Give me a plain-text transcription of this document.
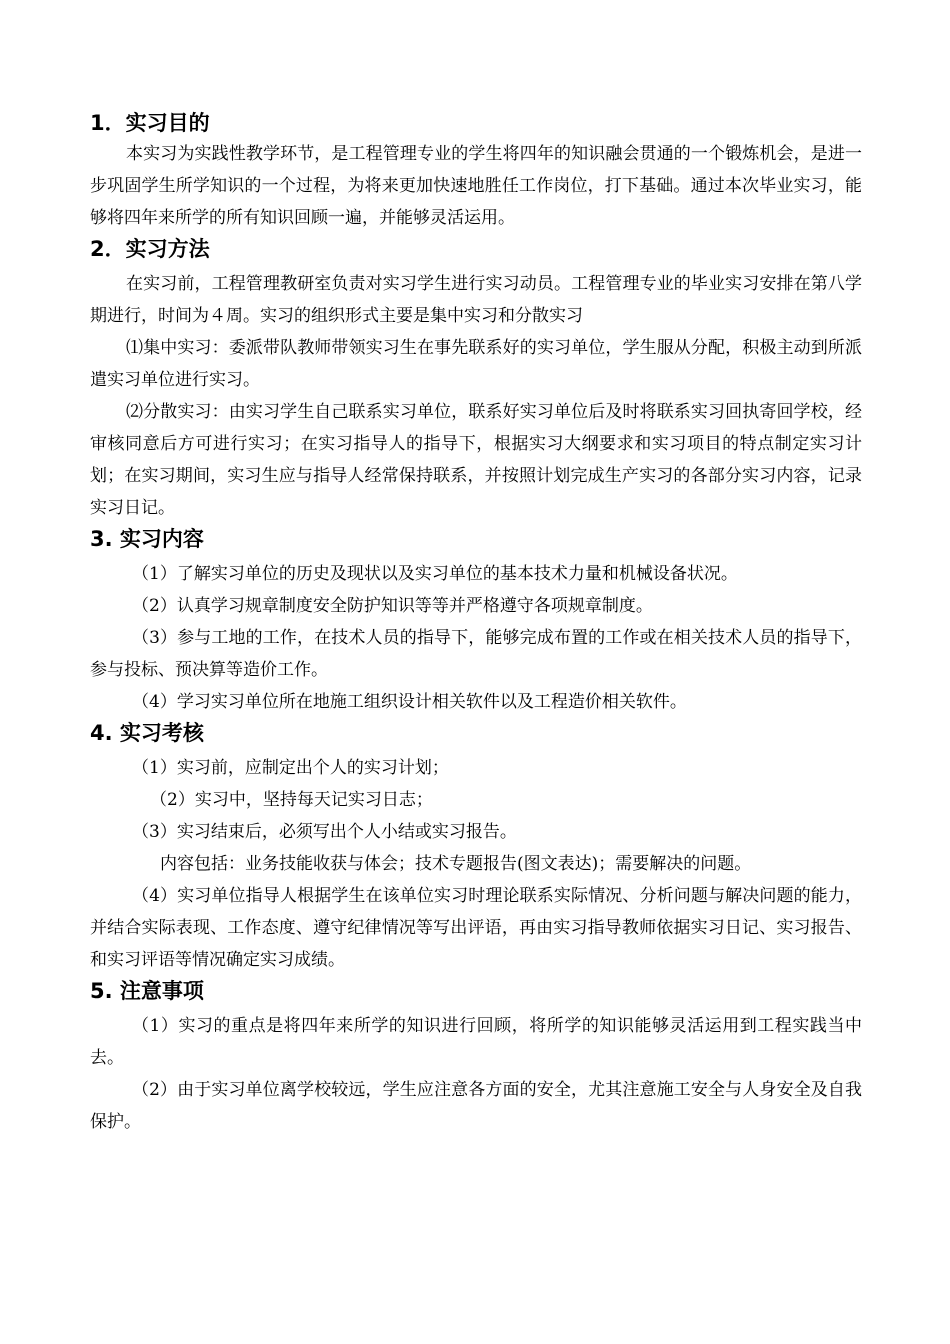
1．实习目的

本实习为实践性教学环节，是工程管理专业的学生将四年的知识融会贯通的一个锻炼机会，是进一步巩固学生所学知识的一个过程，为将来更加快速地胜任工作岗位，打下基础。通过本次毕业实习，能够将四年来所学的所有知识回顾一遍，并能够灵活运用。

2．实习方法

在实习前，工程管理教研室负责对实习学生进行实习动员。工程管理专业的毕业实习安排在第八学期进行，时间为４周。实习的组织形式主要是集中实习和分散实习

⑴集中实习：委派带队教师带领实习生在事先联系好的实习单位，学生服从分配，积极主动到所派遣实习单位进行实习。

⑵分散实习：由实习学生自己联系实习单位，联系好实习单位后及时将联系实习回执寄回学校，经审核同意后方可进行实习；在实习指导人的指导下，根据实习大纲要求和实习项目的特点制定实习计划；在实习期间，实习生应与指导人经常保持联系，并按照计划完成生产实习的各部分实习内容，记录实习日记。

3. 实习内容

（1）了解实习单位的历史及现状以及实习单位的基本技术力量和机械设备状况。

（2）认真学习规章制度安全防护知识等等并严格遵守各项规章制度。

（3）参与工地的工作，在技术人员的指导下，能够完成布置的工作或在相关技术人员的指导下，参与投标、预决算等造价工作。

（4）学习实习单位所在地施工组织设计相关软件以及工程造价相关软件。

4. 实习考核

（1）实习前，应制定出个人的实习计划；

（2）实习中，坚持每天记实习日志；

（3）实习结束后，必须写出个人小结或实习报告。

内容包括：业务技能收获与体会；技术专题报告(图文表达)；需要解决的问题。

（4）实习单位指导人根据学生在该单位实习时理论联系实际情况、分析问题与解决问题的能力，并结合实际表现、工作态度、遵守纪律情况等写出评语，再由实习指导教师依据实习日记、实习报告、和实习评语等情况确定实习成绩。

5. 注意事项

（1）实习的重点是将四年来所学的知识进行回顾，将所学的知识能够灵活运用到工程实践当中去。

（2）由于实习单位离学校较远，学生应注意各方面的安全，尤其注意施工安全与人身安全及自我保护。
